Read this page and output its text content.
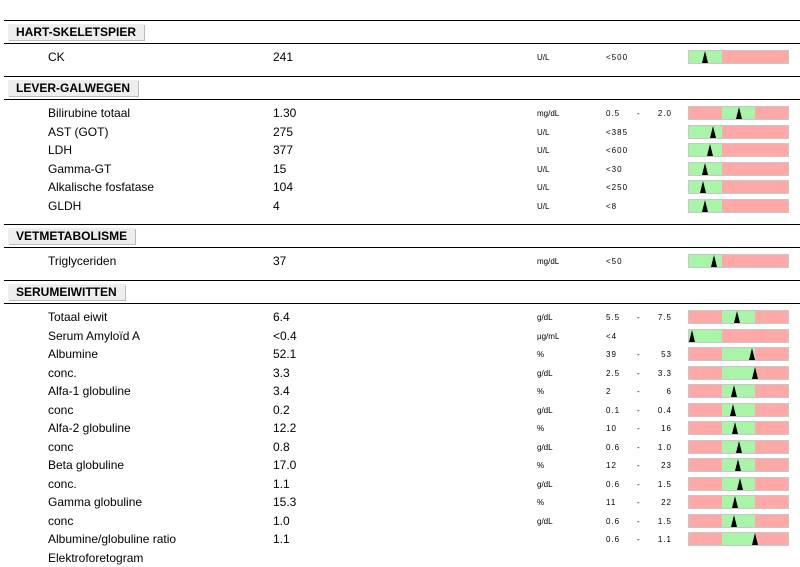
HART-SKELETSPIER
CK	241	U/L	<500
LEVER-GALWEGEN
Bilirubine totaal	1.30	mg/dL	0.5 - 2.0
AST (GOT)	275	U/L	<385
LDH	377	U/L	<600
Gamma-GT	15	U/L	<30
Alkalische fosfatase	104	U/L	<250
GLDH	4	U/L	<8
VETMETABOLISME
Triglyceriden	37	mg/dL	<50
SERUMEIWITTEN
Totaal eiwit	6.4	g/dL	5.5 - 7.5
Serum Amyloïd A	<0.4	µg/mL	<4
Albumine	52.1	%	39	-	53
conc.	3.3	g/dL	2.5 - 3.3
Alfa-1 globuline	3.4	%	2	-	6
conc	0.2	g/dL	0.1 - 0.4
Alfa-2 globuline	12.2	%	10	-	16
conc	0.8	g/dL	0.6 - 1.0
Beta globuline	17.0	%	12	-	23
conc.	1.1	g/dL	0.6 - 1.5
Gamma globuline	15.3	%	11	-	22
conc	1.0	g/dL	0.6 - 1.5
Albumine/globuline ratio	1.1	0.6 - 1.1
Elektroforetogram
